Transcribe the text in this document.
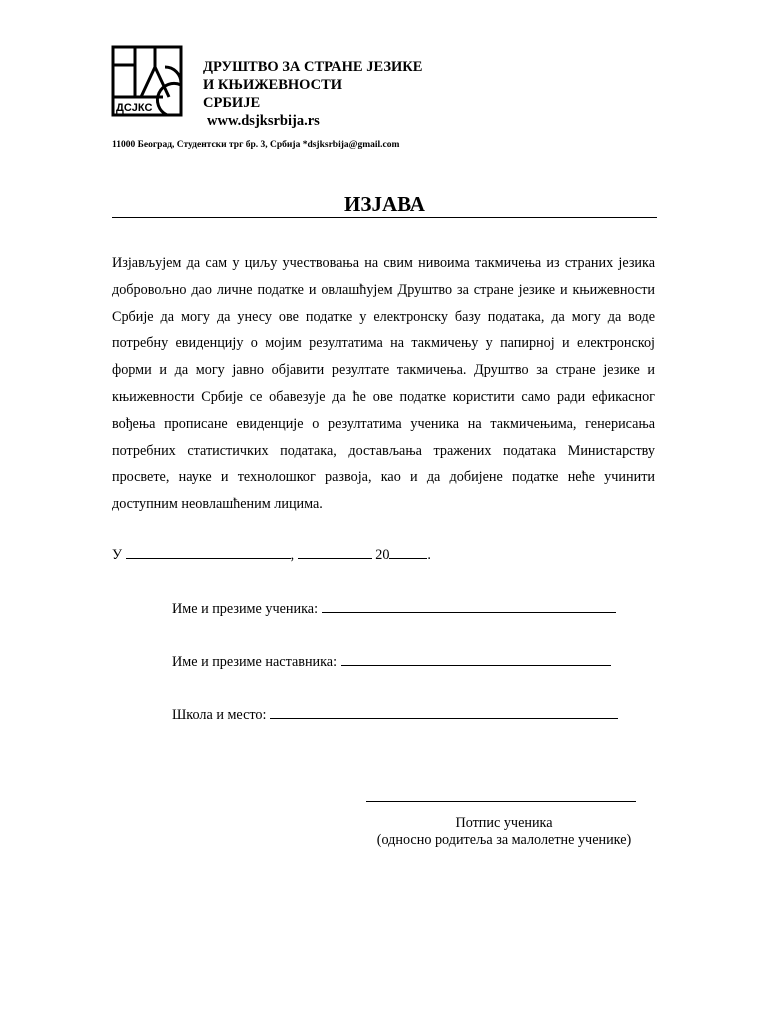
ДСЈКС
ДРУШТВО ЗА СТРАНЕ ЈЕЗИКЕ
И КЊИЖЕВНОСТИ
СРБИЈЕ
www.dsjksrbija.rs
11000 Београд, Студентски трг бр. 3, Србија *dsjksrbija@gmail.com
ИЗЈАВА
Изјављујем да сам у циљу учествовања на свим нивоима такмичења из страних језика добровољно дао личне податке и овлашћујем Друштво за стране језике и књижевности Србије да могу да унесу ове податке у електронску базу података, да могу да воде потребну евиденцију о мојим резултатима на такмичењу у папирној и електронској форми и да могу јавно објавити резултате такмичења. Друштво за стране језике и књижевности Србије се обавезује да ће ове податке користити само ради ефикасног вођења прописане евиденције о резултатима ученика на такмичењима, генерисања потребних статистичких података, достављања тражених података Министарству просвете, науке и технолошког развоја, као и да добијене податке неће учинити доступним неовлашћеним лицима.
У	,	20	.
Име и презиме ученика:
Име и презиме наставника:
Школа и место:
Потпис ученика
(односно родитеља за малолетне ученике)
